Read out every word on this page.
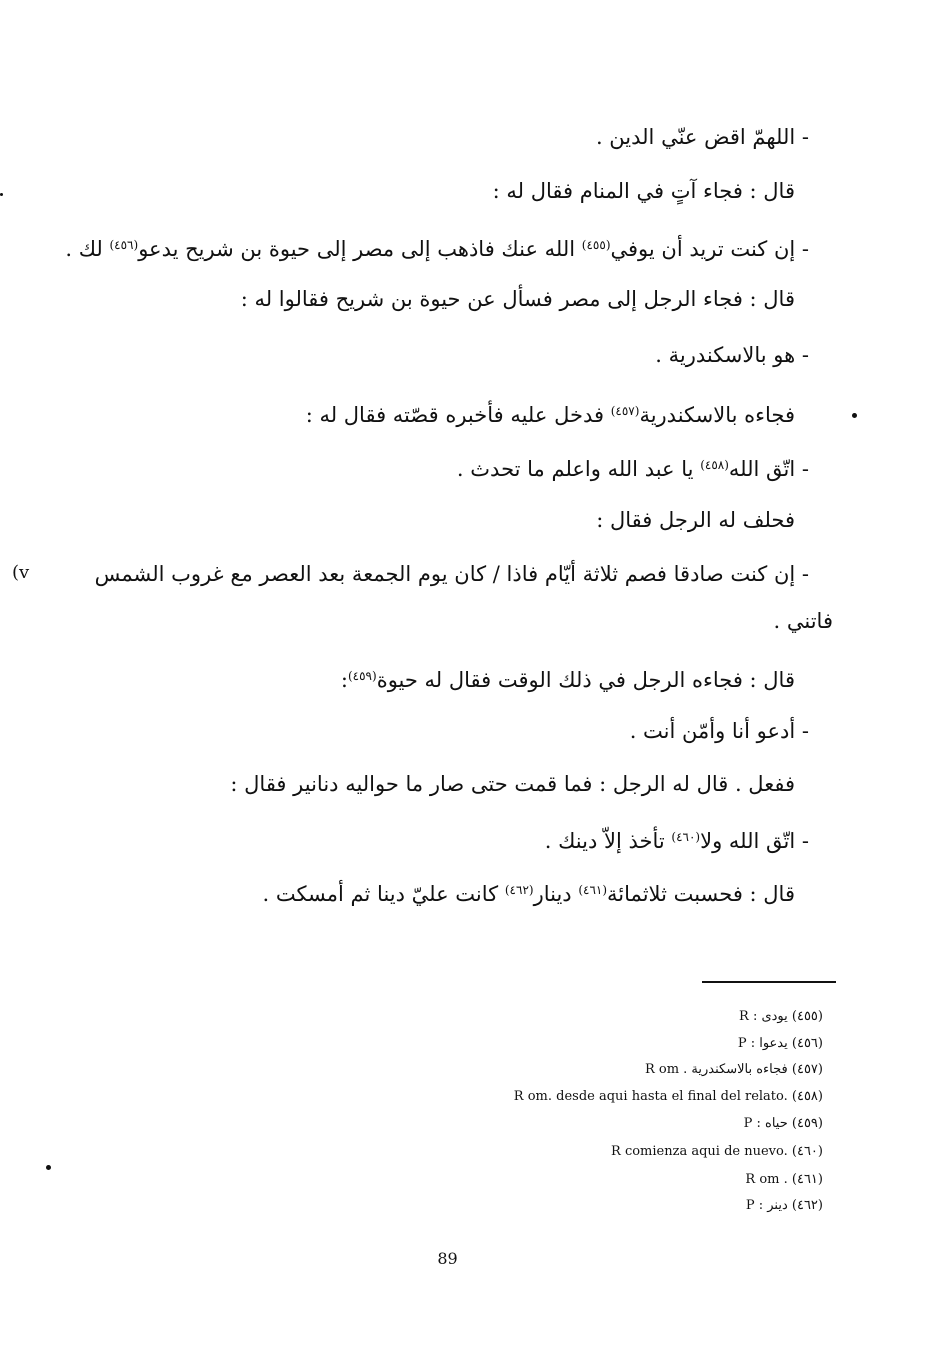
- اللهمّ اقض عنّي الدين .
قال : فجاء آتٍ في المنام فقال له :
- إن كنت تريد أن يوفي$^{(٤٥٥)}$ الله عنك فاذهب إلى مصر إلى حيوة بن شريح يدعو$^{(٤٥٦)}$ لك .
قال : فجاء الرجل إلى مصر فسأل عن حيوة بن شريح فقالوا له :
- هو بالاسكندرية .
فجاءه بالاسكندرية$^{(٤٥٧)}$ فدخل عليه فأخبره قصّته فقال له :
- اتّق الله$^{(٤٥٨)}$ يا عبد الله واعلم ما تحدث .
فحلف له الرجل فقال :
- إن كنت صادقا فصم ثلاثة أيّام فاذا / كان يوم الجمعة بعد العصر مع غروب الشمس
فاتني .
قال : فجاءه الرجل في ذلك الوقت فقال له حيوة$^{(٤٥٩)}$:
- أدعو أنا وأمّن أنت .
ففعل . قال له الرجل : فما قمت حتى صار ما حواليه دنانير فقال :
- اتّق الله ولا$^{(٤٦٠)}$ تأخذ إلاّ دينك .
قال : فحسبت ثلاثمائة$^{(٤٦١)}$ دينار$^{(٤٦٢)}$ كانت عليّ دينا ثم أمسكت .
(v
(٤٥٥) يودى : R
(٤٥٦) يدعوا : P
(٤٥٧) فجاءه بالاسكندرية . R om
(٤٥٨) R om. desde aqui hasta el final del relato.
(٤٥٩) حياه : P
(٤٦٠) R comienza aqui de nuevo.
(٤٦١) R om .
(٤٦٢) دينر : P
89
